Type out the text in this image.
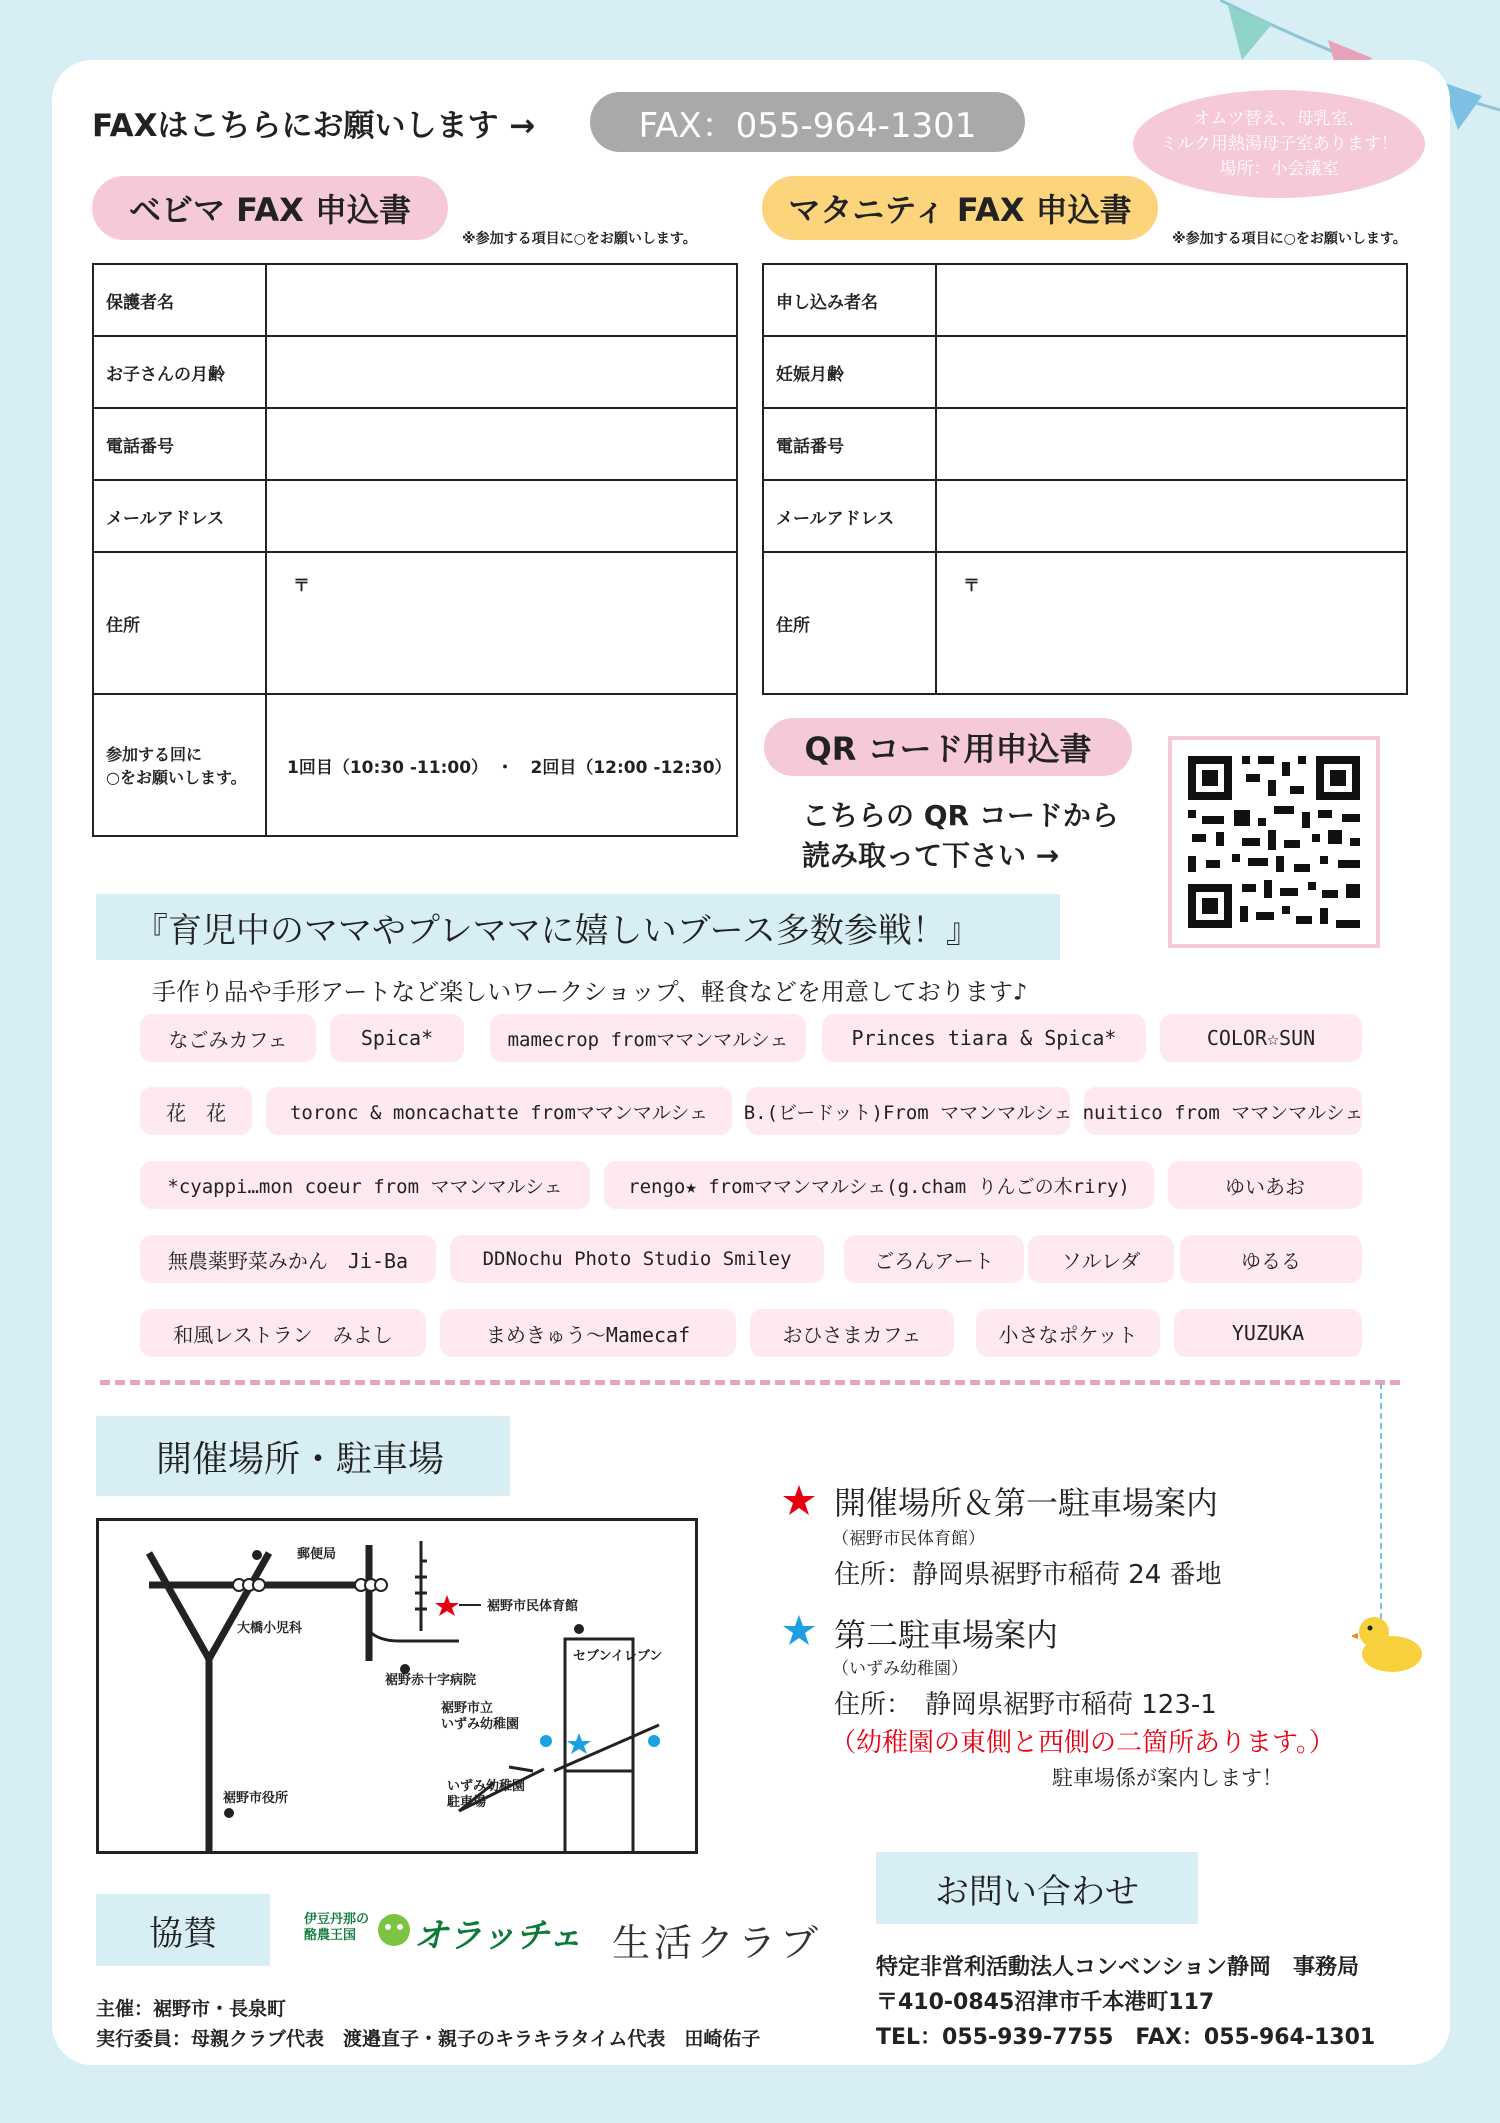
FAXはこちらにお願いします →	FAX：055-964-1301	オムツ替え、母乳室、
ミルク用熱湯母子室あります！
場所：小会議室
ベビマ FAX 申込書
※参加する項目に○をお願いします。
保護者名	
お子さんの月齢	
電話番号	
メールアドレス	
住所	〒

参加する回に
○をお願いします。	1回目（10:30 -11:00）　・　2回目（12:00 -12:30）
マタニティ FAX 申込書
※参加する項目に○をお願いします。
申し込み者名	
妊娠月齢	
電話番号	
メールアドレス	
住所	〒
QR コード用申込書
こちらの QR コードから
読み取って下さい →
『育児中のママやプレママに嬉しいブース多数参戦！』
手作り品や手形アートなど楽しいワークショップ、軽食などを用意しております♪
なごみカフェ	Spica*	mamecrop fromママンマルシェ	Princes tiara & Spica*	COLOR☆SUN
花　花	toronc & moncachatte fromママンマルシェ	B.(ビードット)From ママンマルシェ nuitico from ママンマルシェ
*cyappi…mon coeur from ママンマルシェ	rengo★ fromママンマルシェ(g.cham りんごの木riry)	ゆいあお
無農薬野菜みかん　Ji-Ba	DDNochu Photo Studio Smiley	ごろんアート	ソルレダ	ゆるる
和風レストラン　みよし	まめきゅう〜Mamecaf	おひさまカフェ	小さなポケット	YUZUKA
開催場所・駐車場
郵便局
大橋小児科
裾野市民体育館
セブンイレブン
裾野赤十字病院
裾野市立
いずみ幼稚園
裾野市役所
いずみ幼稚園
駐車場
開催場所＆第一駐車場案内
（裾野市民体育館）
住所：静岡県裾野市稲荷 24 番地
第二駐車場案内
（いずみ幼稚園）
住所：　静岡県裾野市稲荷 123-1
（幼稚園の東側と西側の二箇所あります。）
駐車場係が案内します！
協賛	伊豆丹那の
酪農王国	オラッチェ 生活クラブ
主催：裾野市・長泉町
実行委員：母親クラブ代表　渡邉直子・親子のキラキラタイム代表　田崎佑子
お問い合わせ
特定非営利活動法人コンベンション静岡　事務局
〒410-0845沼津市千本港町117
TEL：055-939-7755　FAX：055-964-1301
